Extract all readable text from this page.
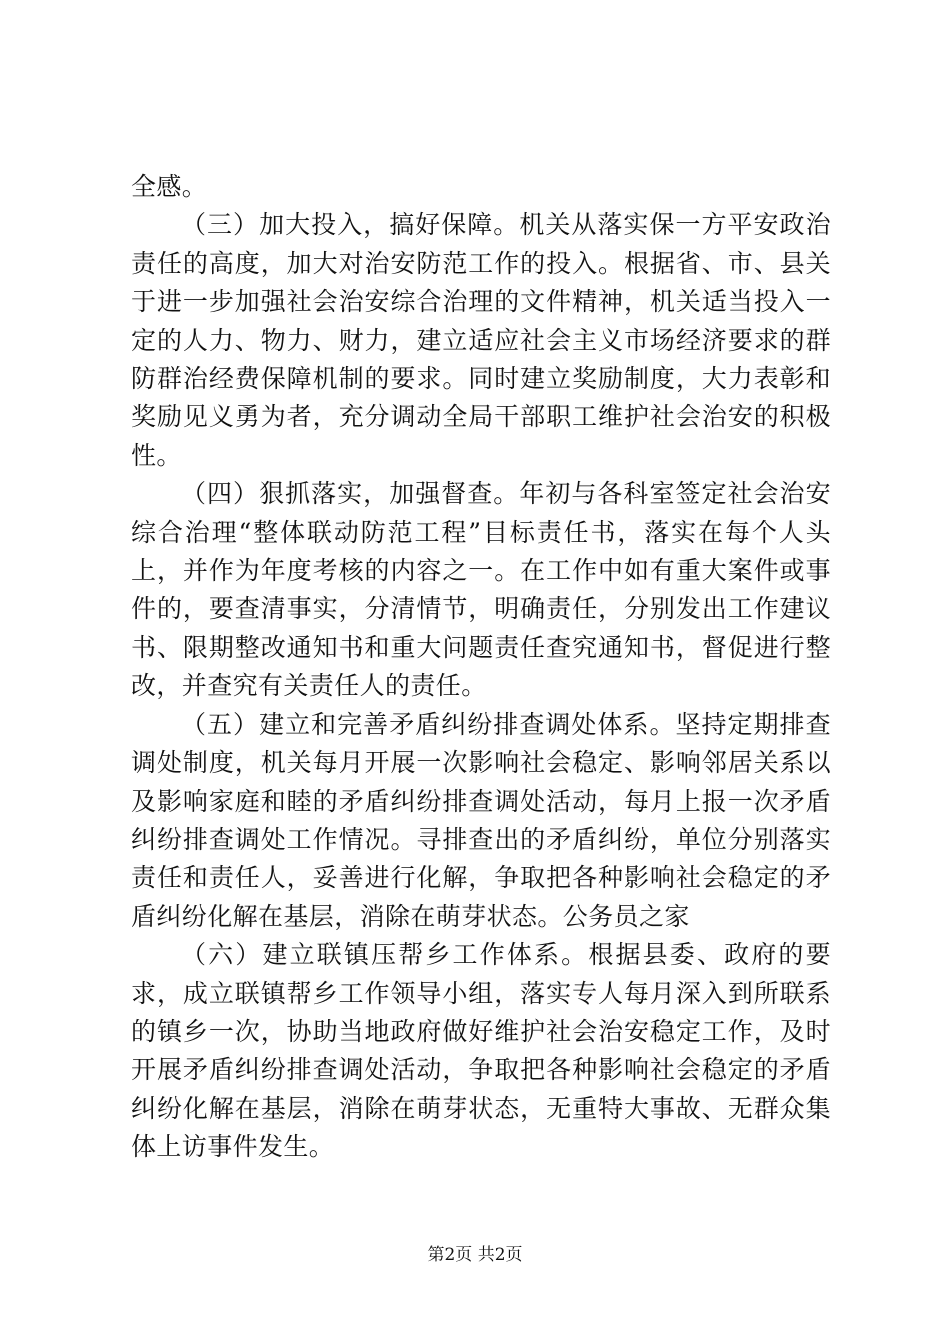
全感。

（三）加大投入，搞好保障。机关从落实保一方平安政治责任的高度，加大对治安防范工作的投入。根据省、市、县关于进一步加强社会治安综合治理的文件精神，机关适当投入一定的人力、物力、财力，建立适应社会主义市场经济要求的群防群治经费保障机制的要求。同时建立奖励制度，大力表彰和奖励见义勇为者，充分调动全局干部职工维护社会治安的积极性。

（四）狠抓落实，加强督查。年初与各科室签定社会治安综合治理“整体联动防范工程”目标责任书，落实在每个人头上，并作为年度考核的内容之一。在工作中如有重大案件或事件的，要查清事实，分清情节，明确责任，分别发出工作建议书、限期整改通知书和重大问题责任查究通知书，督促进行整改，并查究有关责任人的责任。

（五）建立和完善矛盾纠纷排查调处体系。坚持定期排查调处制度，机关每月开展一次影响社会稳定、影响邻居关系以及影响家庭和睦的矛盾纠纷排查调处活动，每月上报一次矛盾纠纷排查调处工作情况。寻排查出的矛盾纠纷，单位分别落实责任和责任人，妥善进行化解，争取把各种影响社会稳定的矛盾纠纷化解在基层，消除在萌芽状态。公务员之家

（六）建立联镇压帮乡工作体系。根据县委、政府的要求，成立联镇帮乡工作领导小组，落实专人每月深入到所联系的镇乡一次，协助当地政府做好维护社会治安稳定工作，及时开展矛盾纠纷排查调处活动，争取把各种影响社会稳定的矛盾纠纷化解在基层，消除在萌芽状态，无重特大事故、无群众集体上访事件发生。

第2页 共2页
